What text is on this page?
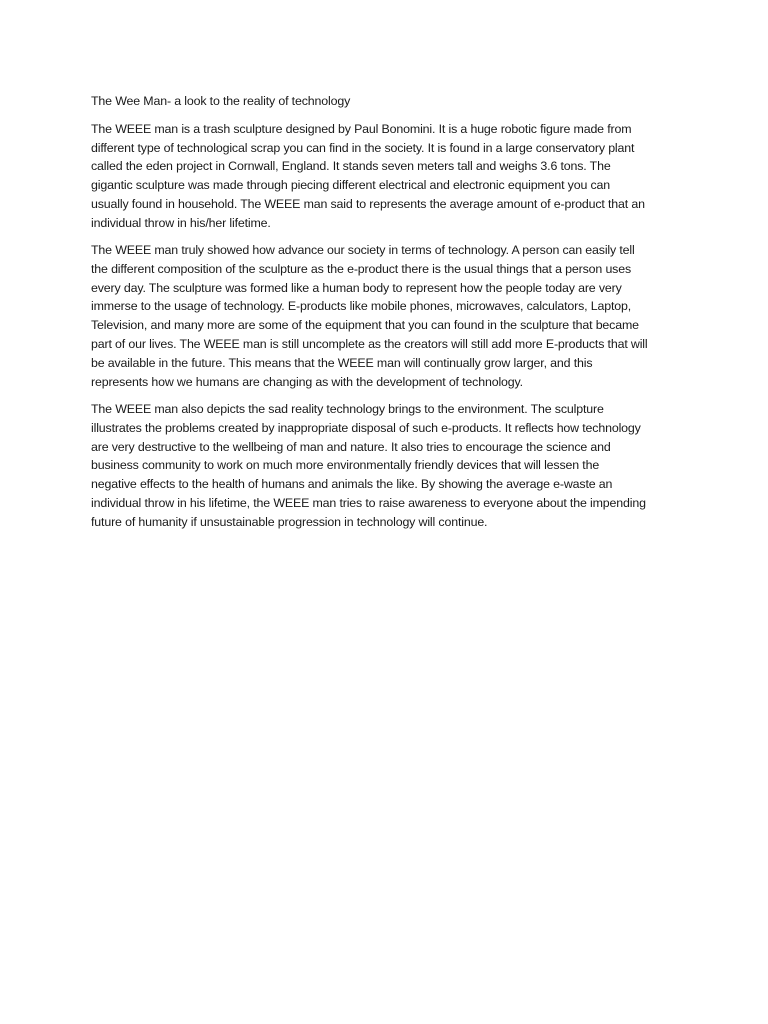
The Wee Man- a look to the reality of technology

The WEEE man is a trash sculpture designed by Paul Bonomini. It is a huge robotic figure made from
different type of technological scrap you can find in the society. It is found in a large conservatory plant
called the eden project in Cornwall, England. It stands seven meters tall and weighs 3.6 tons. The
gigantic sculpture was made through piecing different electrical and electronic equipment you can
usually found in household. The WEEE man said to represents the average amount of e-product that an
individual throw in his/her lifetime.

The WEEE man truly showed how advance our society in terms of technology. A person can easily tell
the different composition of the sculpture as the e-product there is the usual things that a person uses
every day. The sculpture was formed like a human body to represent how the people today are very
immerse to the usage of technology. E-products like mobile phones, microwaves, calculators, Laptop,
Television, and many more are some of the equipment that you can found in the sculpture that became
part of our lives. The WEEE man is still uncomplete as the creators will still add more E-products that will
be available in the future. This means that the WEEE man will continually grow larger, and this
represents how we humans are changing as with the development of technology.

The WEEE man also depicts the sad reality technology brings to the environment. The sculpture
illustrates the problems created by inappropriate disposal of such e-products. It reflects how technology
are very destructive to the wellbeing of man and nature. It also tries to encourage the science and
business community to work on much more environmentally friendly devices that will lessen the
negative effects to the health of humans and animals the like. By showing the average e-waste an
individual throw in his lifetime, the WEEE man tries to raise awareness to everyone about the impending
future of humanity if unsustainable progression in technology will continue.
